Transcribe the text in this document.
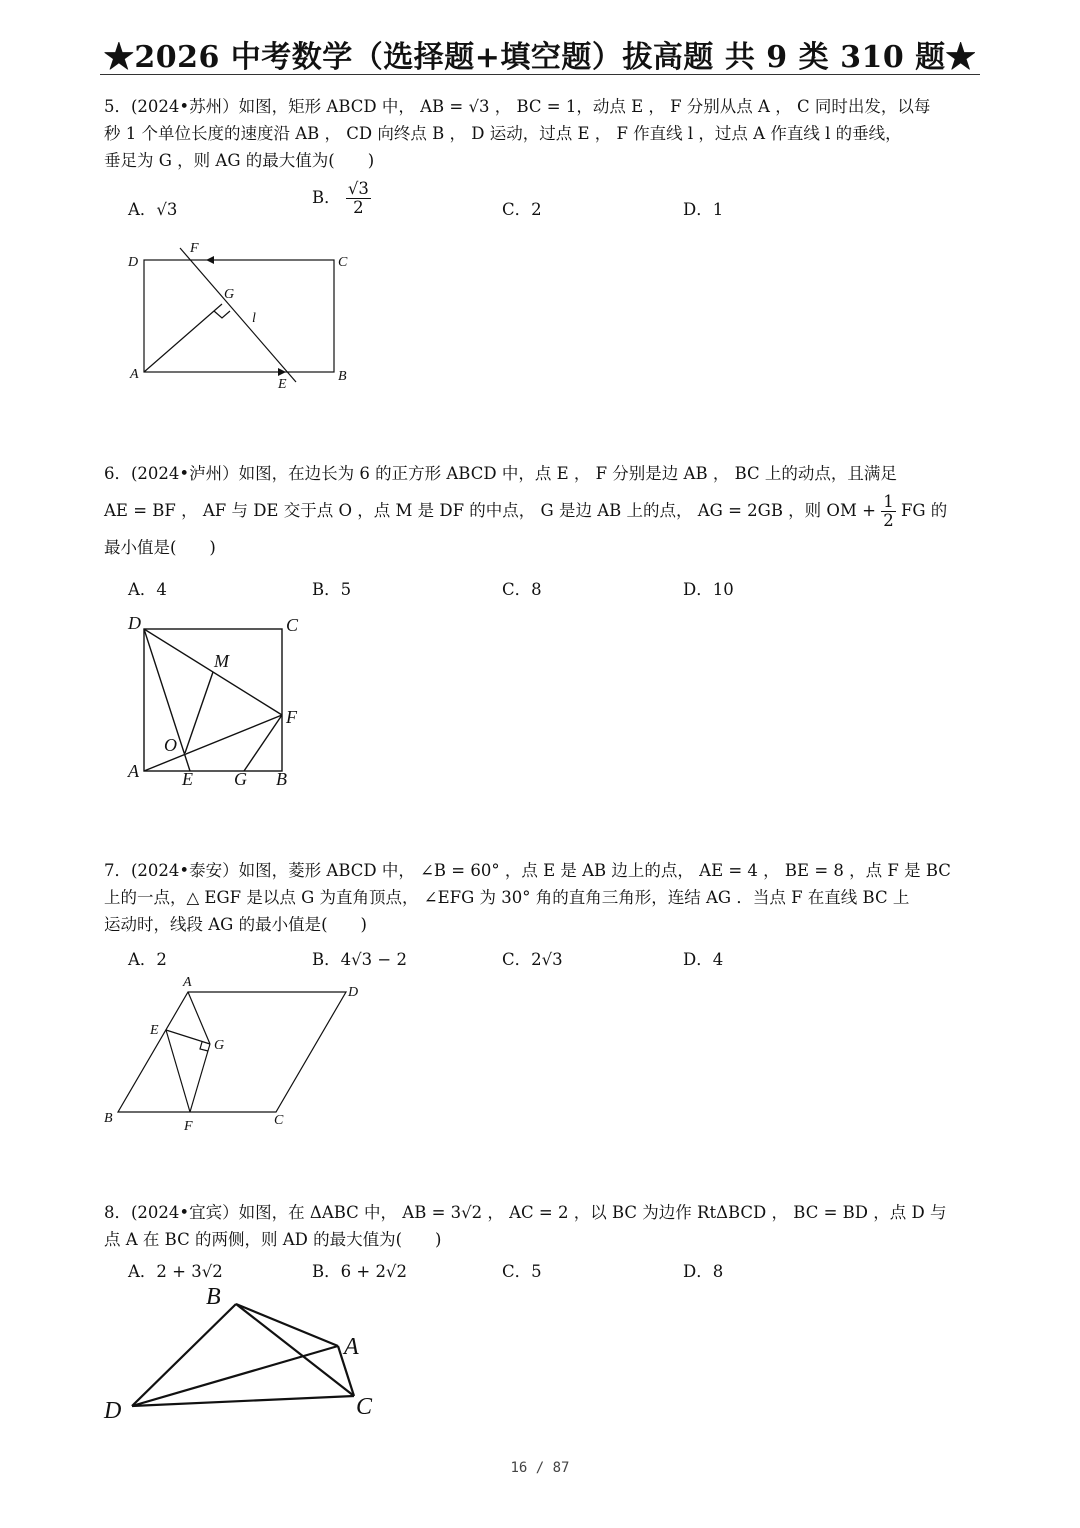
★2026 中考数学（选择题+填空题）拔高题 共 9 类 310 题★

5．(2024•苏州）如图，矩形 ABCD 中， AB = √3 ， BC = 1，动点 E ， F 分别从点 A ， C 同时出发，以每

秒 1 个单位长度的速度沿 AB ， CD 向终点 B ， D 运动，过点 E ， F 作直线 l ，过点 A 作直线 l 的垂线，

垂足为 G ，则 AG 的最大值为(　　)

A．√3
B． $\frac{√3}{2}$	C．2	D．1
D	C
A	B
F
G
l
E

6．(2024•泸州）如图，在边长为 6 的正方形 ABCD 中，点 E ， F 分别是边 AB ， BC 上的动点，且满足

AE = BF ， AF 与 DE 交于点 O ，点 M 是 DF 的中点， G 是边 AB 上的点， AG = 2GB ，则 OM + $\frac{1}{2}$ FG 的

最小值是(　　)

A．4	B．5	C．8	D．10
D	C
M
F
O
A E G B

7．(2024•泰安）如图，菱形 ABCD 中， ∠B = 60° ，点 E 是 AB 边上的点， AE = 4 ， BE = 8 ，点 F 是 BC

上的一点，△ EGF 是以点 G 为直角顶点， ∠EFG 为 30° 角的直角三角形，连结 AG ．当点 F 在直线 BC 上

运动时，线段 AG 的最小值是(　　)

A．2	B．4√3 − 2	C．2√3	D．4
A
D
E
G
B
F	C

8．(2024•宜宾）如图，在 ΔABC 中， AB = 3√2 ， AC = 2 ，以 BC 为边作 RtΔBCD ， BC = BD ，点 D 与

点 A 在 BC 的两侧，则 AD 的最大值为(　　)

A．2 + 3√2	B．6 + 2√2	C．5	D．8
B
A
C
D
16 / 87
